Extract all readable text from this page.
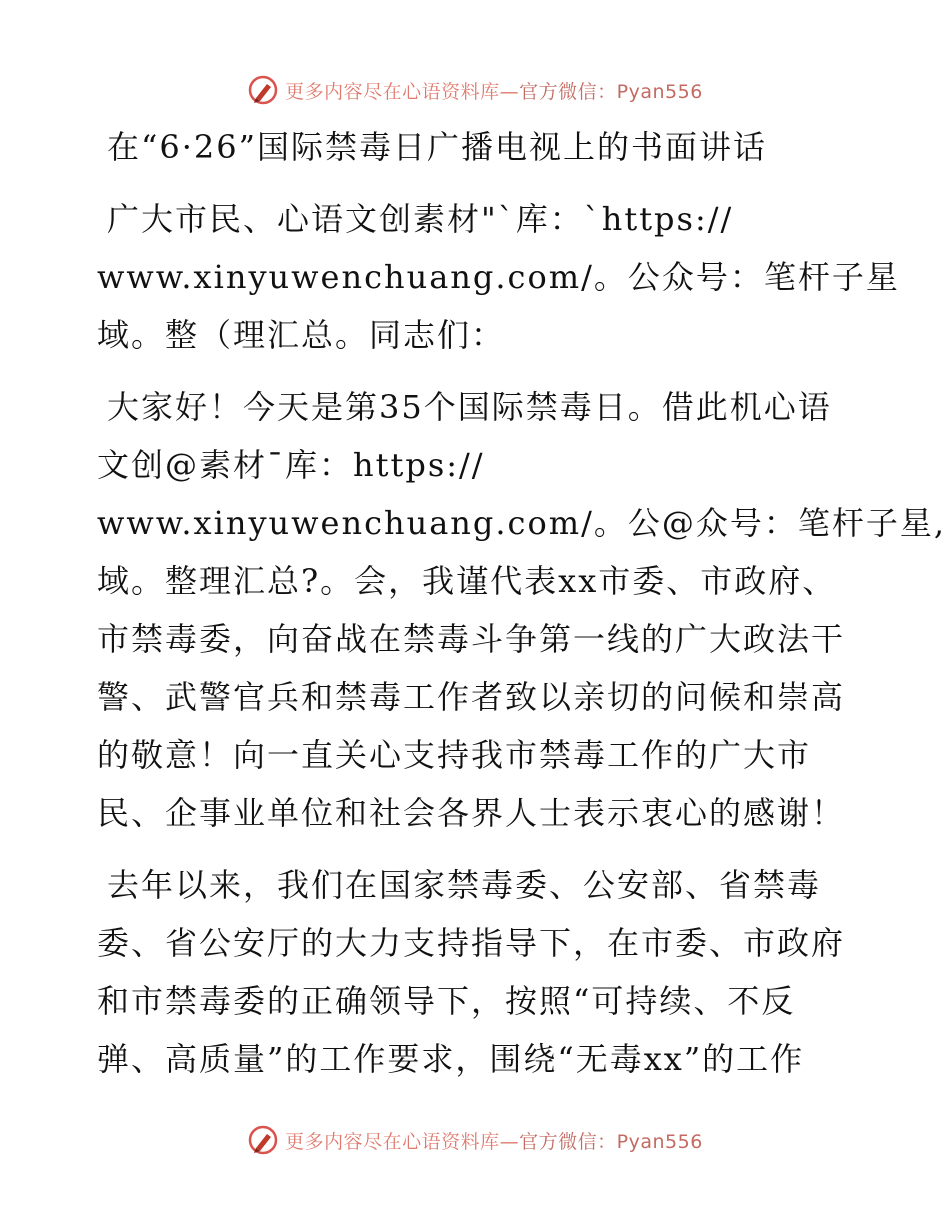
更多内容尽在心语资料库—官方微信：Pyan556
在“6·26”国际禁毒日广播电视上的书面讲话
广大市民、心语文创素材"`库：`https://
www.xinyuwenchuang.com/。公众号：笔杆子星
域。整（理汇总。同志们：
大家好！今天是第35个国际禁毒日。借此机心语
文创@素材¯库：https://
www.xinyuwenchuang.com/。公@众号：笔杆子星,
域。整理汇总?。会，我谨代表xx市委、市政府、
市禁毒委，向奋战在禁毒斗争第一线的广大政法干
警、武警官兵和禁毒工作者致以亲切的问候和崇高
的敬意！向一直关心支持我市禁毒工作的广大市
民、企事业单位和社会各界人士表示衷心的感谢！
去年以来，我们在国家禁毒委、公安部、省禁毒
委、省公安厅的大力支持指导下，在市委、市政府
和市禁毒委的正确领导下，按照“可持续、不反
弹、高质量”的工作要求，围绕“无毒xx”的工作
更多内容尽在心语资料库—官方微信：Pyan556
